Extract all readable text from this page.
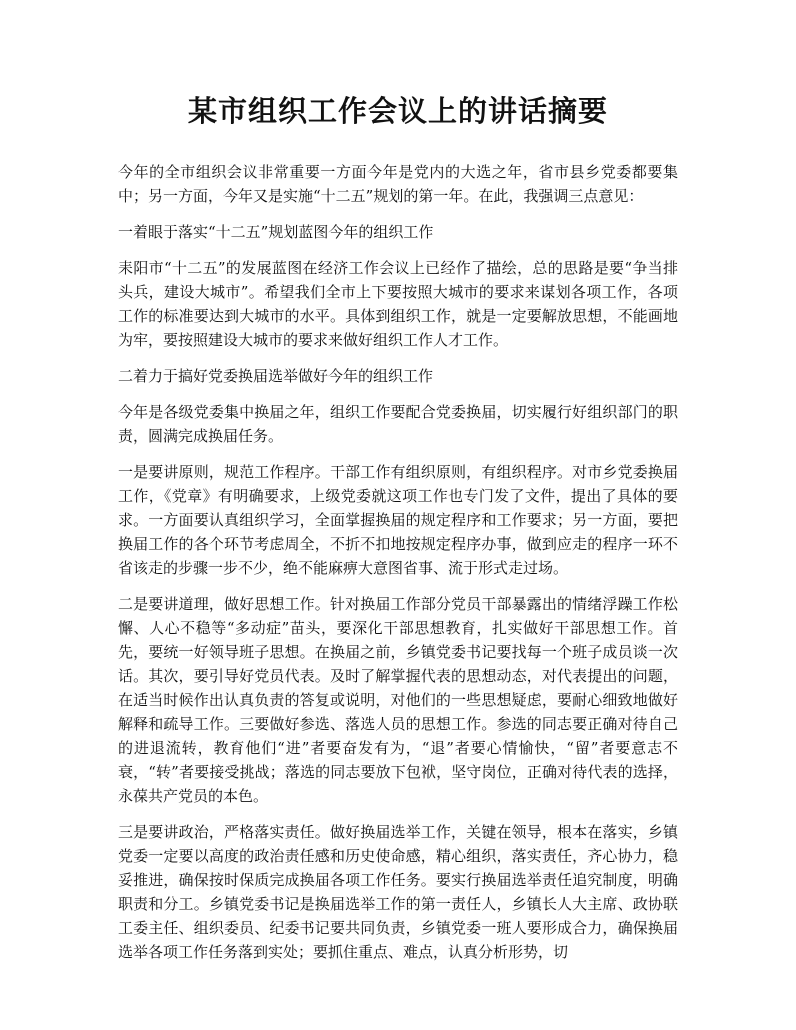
某市组织工作会议上的讲话摘要

今年的全市组织会议非常重要一方面今年是党内的大选之年，省市县乡党委都要集中；另一方面，今年又是实施“十二五”规划的第一年。在此，我强调三点意见：

一着眼于落实“十二五”规划蓝图今年的组织工作

耒阳市“十二五”的发展蓝图在经济工作会议上已经作了描绘，总的思路是要“争当排头兵，建设大城市”。希望我们全市上下要按照大城市的要求来谋划各项工作，各项工作的标准要达到大城市的水平。具体到组织工作，就是一定要解放思想，不能画地为牢，要按照建设大城市的要求来做好组织工作人才工作。

二着力于搞好党委换届选举做好今年的组织工作

今年是各级党委集中换届之年，组织工作要配合党委换届，切实履行好组织部门的职责，圆满完成换届任务。

一是要讲原则，规范工作程序。干部工作有组织原则，有组织程序。对市乡党委换届工作，《党章》有明确要求，上级党委就这项工作也专门发了文件，提出了具体的要求。一方面要认真组织学习，全面掌握换届的规定程序和工作要求；另一方面，要把换届工作的各个环节考虑周全，不折不扣地按规定程序办事，做到应走的程序一环不省该走的步骤一步不少，绝不能麻痹大意图省事、流于形式走过场。

二是要讲道理，做好思想工作。针对换届工作部分党员干部暴露出的情绪浮躁工作松懈、人心不稳等“多动症”苗头，要深化干部思想教育，扎实做好干部思想工作。首先，要统一好领导班子思想。在换届之前，乡镇党委书记要找每一个班子成员谈一次话。其次，要引导好党员代表。及时了解掌握代表的思想动态，对代表提出的问题，在适当时候作出认真负责的答复或说明，对他们的一些思想疑虑，要耐心细致地做好解释和疏导工作。三要做好参选、落选人员的思想工作。参选的同志要正确对待自己的进退流转，教育他们“进”者要奋发有为，“退”者要心情愉快，“留”者要意志不衰，“转”者要接受挑战；落选的同志要放下包袱，坚守岗位，正确对待代表的选择，永葆共产党员的本色。

三是要讲政治，严格落实责任。做好换届选举工作，关键在领导，根本在落实，乡镇党委一定要以高度的政治责任感和历史使命感，精心组织，落实责任，齐心协力，稳妥推进，确保按时保质完成换届各项工作任务。要实行换届选举责任追究制度，明确职责和分工。乡镇党委书记是换届选举工作的第一责任人，乡镇长人大主席、政协联工委主任、组织委员、纪委书记要共同负责，乡镇党委一班人要形成合力，确保换届选举各项工作任务落到实处；要抓住重点、难点，认真分析形势，切
